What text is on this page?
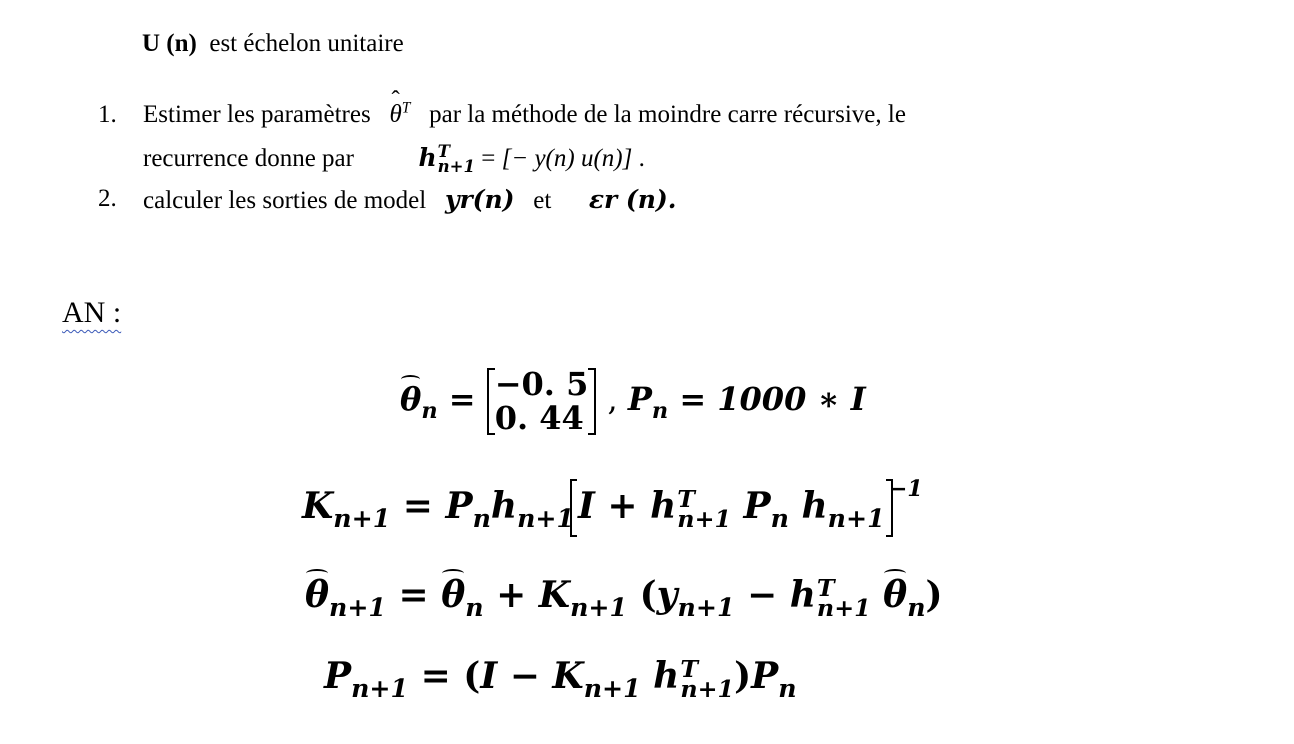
U (n) est échelon unitaire
1. Estimer les paramètres   ̂ $\theta^T$ par la méthode de la moindre carre récursive, le
recurrence donne par	h T
n+1 = [− y(n) u(n)] .
2. calculer les sorties de model yr(n) et εr (n).
AN :
$\theta_n = -0$. 5
0. 44 , $P_n = 1000$ ∗ I
$K_{n+1} = P_nh_{n+1}$ I + h T
n+1 $P_n$ $h_{n+1}^{-1}$
$\theta_{n+1} = \theta_n + K_{n+1}$ ($y_{n+1} - h$ T
n+1 $\theta_n$)
$P_{n+1} = (I - K_{n+1}$ h T
n+1 )$P_n$
